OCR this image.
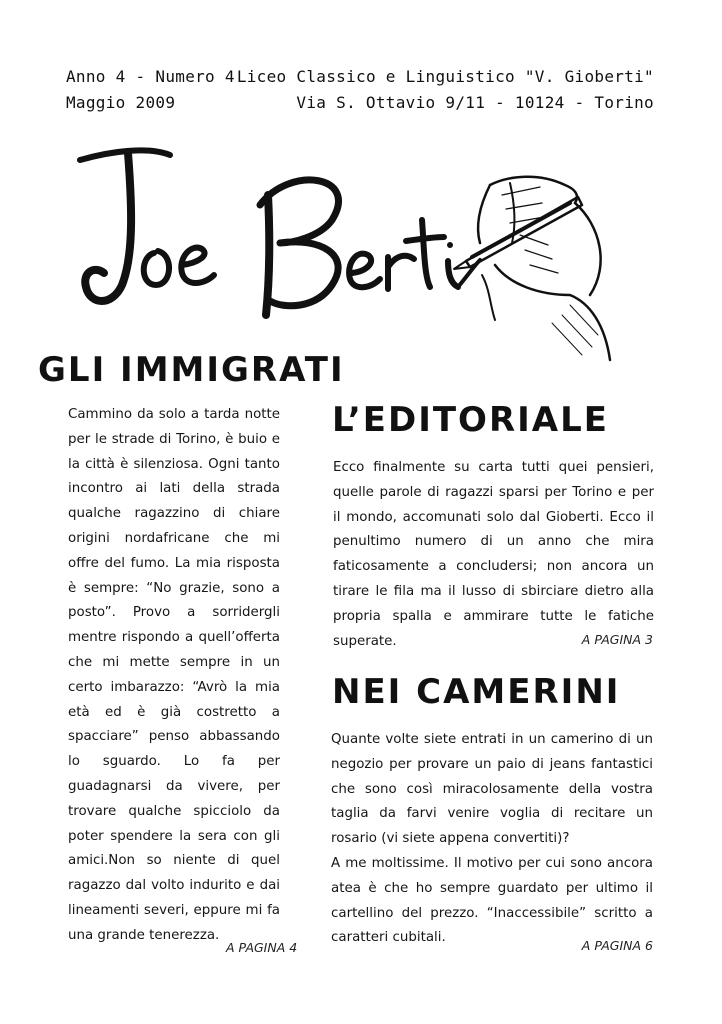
Anno 4 - Numero 4
Maggio 2009
Liceo Classico e Linguistico "V. Gioberti"
Via S. Ottavio 9/11 - 10124 - Torino
GLI IMMIGRATI
L’EDITORIALE
NEI CAMERINI

Cammino da solo a tarda notte per le strade di Torino, è buio e la città è silenziosa. Ogni tanto incontro ai lati della strada qualche ragazzino di chiare origini nordafricane che mi offre del fumo. La mia risposta è sempre: “No grazie, sono a posto”. Provo a sorridergli mentre rispondo a quell’offerta che mi mette sempre in un certo imbarazzo: “Avrò la mia età ed è già costretto a spacciare” penso abbassando lo sguardo. Lo fa per guadagnarsi da vivere, per trovare qualche spicciolo da poter spendere la sera con gli amici.Non so niente di quel ragazzo dal volto indurito e dai lineamenti severi, eppure mi fa una grande tenerezza.

Ecco finalmente su carta tutti quei pensieri, quelle parole di ragazzi sparsi per Torino e per il mondo, accomunati solo dal Gioberti. Ecco il penultimo numero di un anno che mira faticosamente a concludersi; non ancora un tirare le fila ma il lusso di sbirciare dietro alla propria spalla e ammirare tutte le fatiche superate.

Quante volte siete entrati in un camerino di un negozio per provare un paio di jeans fantastici che sono così miracolosamente della vostra taglia da farvi venire voglia di recitare un rosario (vi siete appena convertiti)?

A me moltissime. Il motivo per cui sono ancora atea è che ho sempre guardato per ultimo il cartellino del prezzo. “Inaccessibile” scritto a caratteri cubitali.

A PAGINA 4
A PAGINA 3
A PAGINA 6
